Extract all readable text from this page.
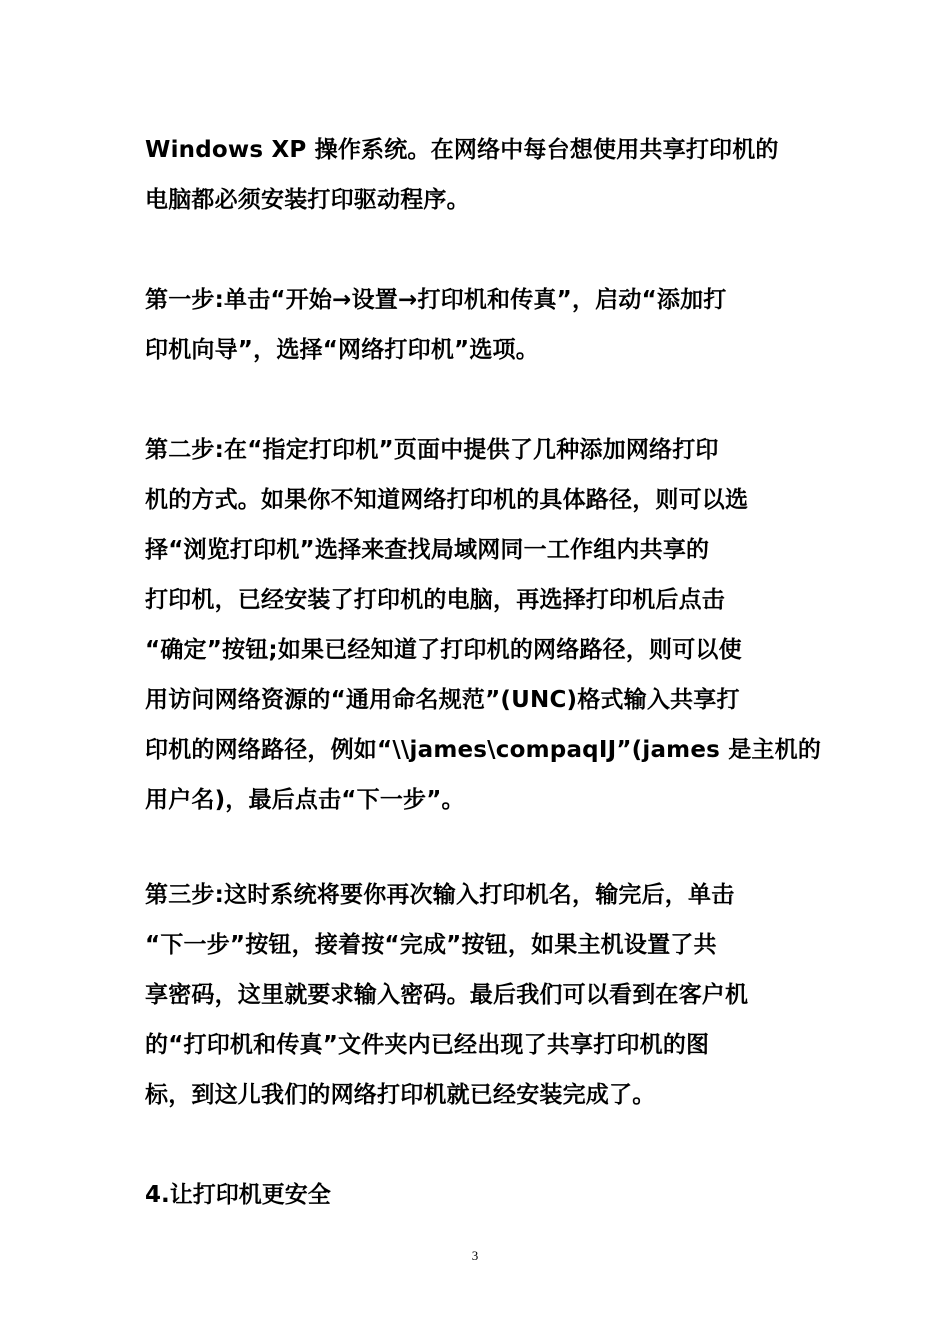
Windows XP 操作系统。在网络中每台想使用共享打印机的
电脑都必须安装打印驱动程序。
第一步:单击“开始→设置→打印机和传真”，启动“添加打
印机向导”，选择“网络打印机”选项。
第二步:在“指定打印机”页面中提供了几种添加网络打印
机的方式。如果你不知道网络打印机的具体路径，则可以选
择“浏览打印机”选择来查找局域网同一工作组内共享的
打印机，已经安装了打印机的电脑，再选择打印机后点击
“确定”按钮;如果已经知道了打印机的网络路径，则可以使
用访问网络资源的“通用命名规范”(UNC)格式输入共享打
印机的网络路径，例如“\\james\compaqIJ”(james 是主机的
用户名)，最后点击“下一步”。
第三步:这时系统将要你再次输入打印机名，输完后，单击
“下一步”按钮，接着按“完成”按钮，如果主机设置了共
享密码，这里就要求输入密码。最后我们可以看到在客户机
的“打印机和传真”文件夹内已经出现了共享打印机的图
标，到这儿我们的网络打印机就已经安装完成了。
4.让打印机更安全
3
